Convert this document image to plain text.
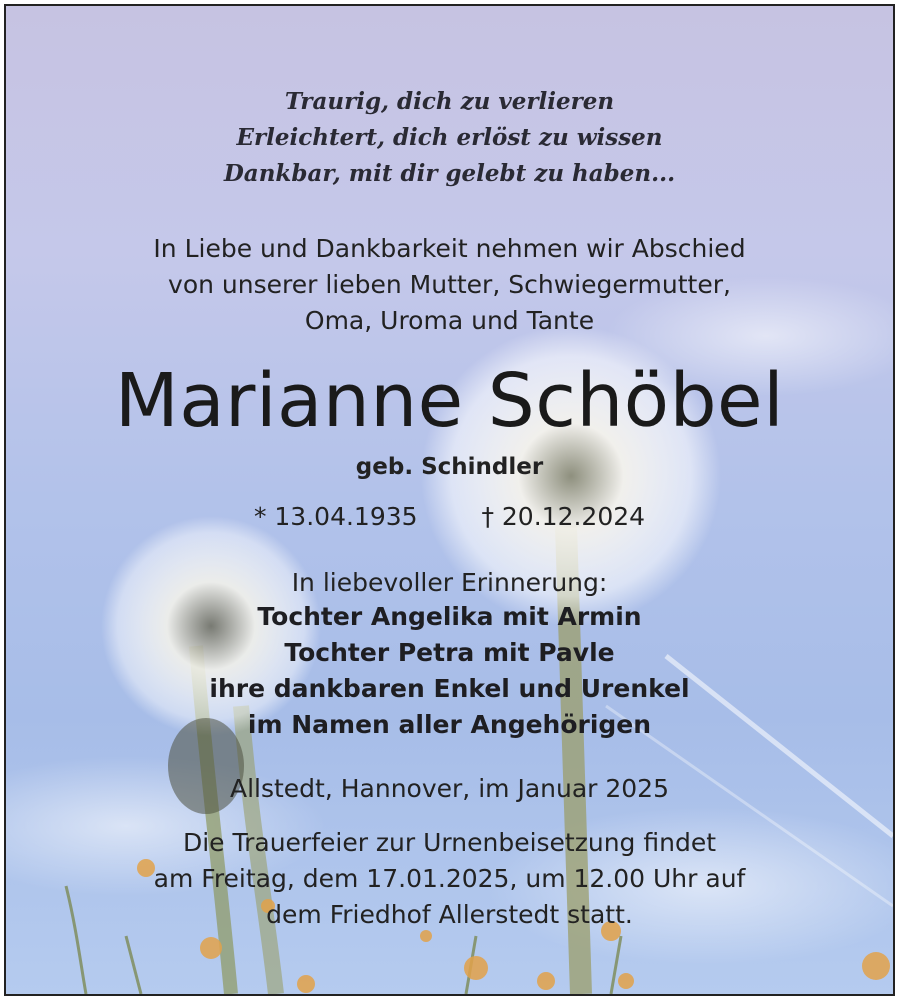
Traurig, dich zu verlieren
Erleichtert, dich erlöst zu wissen
Dankbar, mit dir gelebt zu haben...
In Liebe und Dankbarkeit nehmen wir Abschied
von unserer lieben Mutter, Schwiegermutter,
Oma, Uroma und Tante
Marianne Schöbel
geb. Schindler
* 13.04.1935	† 20.12.2024
In liebevoller Erinnerung:
Tochter Angelika mit Armin
Tochter Petra mit Pavle
ihre dankbaren Enkel und Urenkel
im Namen aller Angehörigen
Allstedt, Hannover, im Januar 2025
Die Trauerfeier zur Urnenbeisetzung findet
am Freitag, dem 17.01.2025, um 12.00 Uhr auf
dem Friedhof Allerstedt statt.
